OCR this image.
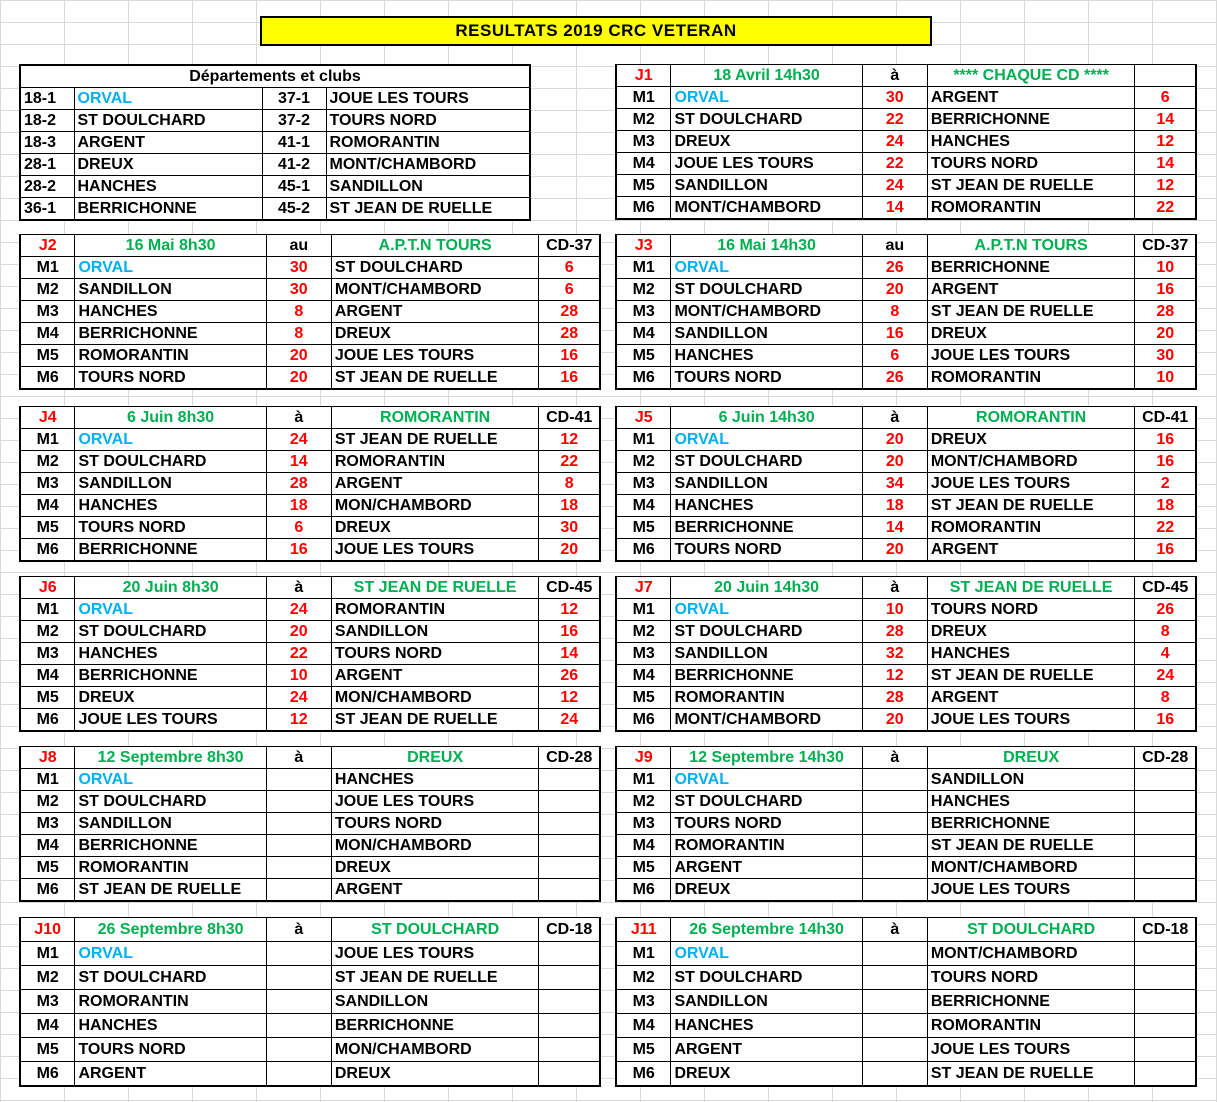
RESULTATS 2019 CRC VETERAN
Départements et clubs			
18-1	ORVAL	37-1	JOUE LES TOURS
18-2	ST DOULCHARD	37-2	TOURS NORD
18-3	ARGENT	41-1	ROMORANTIN
28-1	DREUX	41-2	MONT/CHAMBORD
28-2	HANCHES	45-1	SANDILLON
36-1	BERRICHONNE	45-2	ST JEAN DE RUELLE
J1	18 Avril 14h30	à	**** CHAQUE CD ****	
M1	ORVAL	30	ARGENT	6
M2	ST DOULCHARD	22	BERRICHONNE	14
M3	DREUX	24	HANCHES	12
M4	JOUE LES TOURS	22	TOURS NORD	14
M5	SANDILLON	24	ST JEAN DE RUELLE	12
M6	MONT/CHAMBORD	14	ROMORANTIN	22
J2	16 Mai 8h30	au	A.P.T.N TOURS	CD-37
M1	ORVAL	30	ST DOULCHARD	6
M2	SANDILLON	30	MONT/CHAMBORD	6
M3	HANCHES	8	ARGENT	28
M4	BERRICHONNE	8	DREUX	28
M5	ROMORANTIN	20	JOUE LES TOURS	16
M6	TOURS NORD	20	ST JEAN DE RUELLE	16
J3	16 Mai 14h30	au	A.P.T.N TOURS	CD-37
M1	ORVAL	26	BERRICHONNE	10
M2	ST DOULCHARD	20	ARGENT	16
M3	MONT/CHAMBORD	8	ST JEAN DE RUELLE	28
M4	SANDILLON	16	DREUX	20
M5	HANCHES	6	JOUE LES TOURS	30
M6	TOURS NORD	26	ROMORANTIN	10
J4	6 Juin 8h30	à	ROMORANTIN	CD-41
M1	ORVAL	24	ST JEAN DE RUELLE	12
M2	ST DOULCHARD	14	ROMORANTIN	22
M3	SANDILLON	28	ARGENT	8
M4	HANCHES	18	MON/CHAMBORD	18
M5	TOURS NORD	6	DREUX	30
M6	BERRICHONNE	16	JOUE LES TOURS	20
J5	6 Juin 14h30	à	ROMORANTIN	CD-41
M1	ORVAL	20	DREUX	16
M2	ST DOULCHARD	20	MONT/CHAMBORD	16
M3	SANDILLON	34	JOUE LES TOURS	2
M4	HANCHES	18	ST JEAN DE RUELLE	18
M5	BERRICHONNE	14	ROMORANTIN	22
M6	TOURS NORD	20	ARGENT	16
J6	20 Juin 8h30	à	ST JEAN DE RUELLE	CD-45
M1	ORVAL	24	ROMORANTIN	12
M2	ST DOULCHARD	20	SANDILLON	16
M3	HANCHES	22	TOURS NORD	14
M4	BERRICHONNE	10	ARGENT	26
M5	DREUX	24	MON/CHAMBORD	12
M6	JOUE LES TOURS	12	ST JEAN DE RUELLE	24
J7	20 Juin 14h30	à	ST JEAN DE RUELLE	CD-45
M1	ORVAL	10	TOURS NORD	26
M2	ST DOULCHARD	28	DREUX	8
M3	SANDILLON	32	HANCHES	4
M4	BERRICHONNE	12	ST JEAN DE RUELLE	24
M5	ROMORANTIN	28	ARGENT	8
M6	MONT/CHAMBORD	20	JOUE LES TOURS	16
J8	12 Septembre 8h30	à	DREUX	CD-28
M1	ORVAL		HANCHES	
M2	ST DOULCHARD		JOUE LES TOURS	
M3	SANDILLON		TOURS NORD	
M4	BERRICHONNE		MON/CHAMBORD	
M5	ROMORANTIN		DREUX	
M6	ST JEAN DE RUELLE		ARGENT	
J9	12 Septembre 14h30	à	DREUX	CD-28
M1	ORVAL		SANDILLON	
M2	ST DOULCHARD		HANCHES	
M3	TOURS NORD		BERRICHONNE	
M4	ROMORANTIN		ST JEAN DE RUELLE	
M5	ARGENT		MONT/CHAMBORD	
M6	DREUX		JOUE LES TOURS	
J10	26 Septembre 8h30	à	ST DOULCHARD	CD-18
M1	ORVAL		JOUE LES TOURS	
M2	ST DOULCHARD		ST JEAN DE RUELLE	
M3	ROMORANTIN		SANDILLON	
M4	HANCHES		BERRICHONNE	
M5	TOURS NORD		MON/CHAMBORD	
M6	ARGENT		DREUX	
J11	26 Septembre 14h30	à	ST DOULCHARD	CD-18
M1	ORVAL		MONT/CHAMBORD	
M2	ST DOULCHARD		TOURS NORD	
M3	SANDILLON		BERRICHONNE	
M4	HANCHES		ROMORANTIN	
M5	ARGENT		JOUE LES TOURS	
M6	DREUX		ST JEAN DE RUELLE	
